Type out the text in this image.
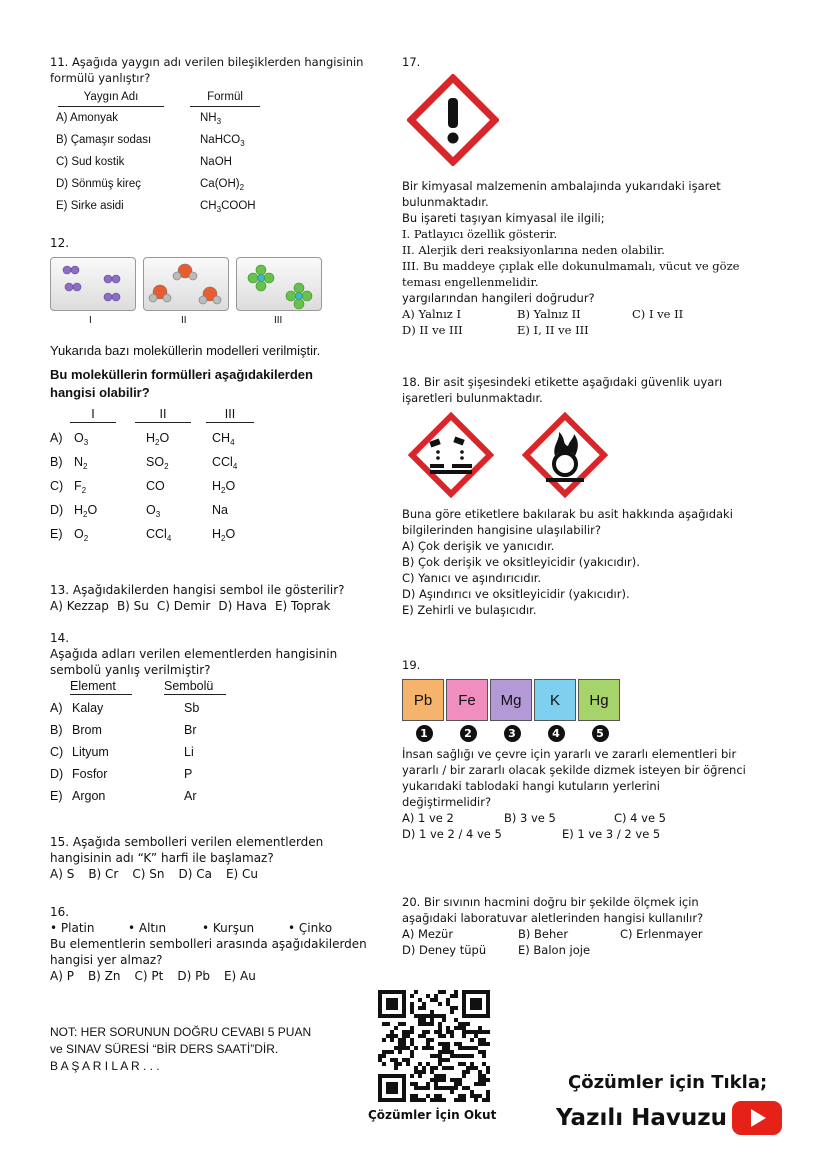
11. Aşağıda yaygın adı verilen bileşiklerden hangisinin formülü yanlıştır?
	Yaygın Adı		Formül
A) Amonyak	$NH_3$
B) Çamaşır sodası	NaHCO$_3$
C) Sud kostik	NaOH
D) Sönmüş kireç	$Ca(OH)_2$
E) Sirke asidi	$CH_3COOH$
12.
I	II	III
Yukarıda bazı moleküllerin modelleri verilmiştir.
Bu moleküllerin formülleri aşağıdakilerden hangisi olabilir?
I	II	III
A) $O_3$	$H_2O$	$CH_4$
B) $N_2$	$SO_2$	CCl$_4$
C) $F_2$	CO	$H_2O$
D) $H_2O$	$O_3$	Na
E) $O_2$	CCl$_4$	$H_2O$
13. Aşağıdakilerden hangisi sembol ile gösterilir?
A) Kezzap B) Su C) Demir D) Hava E) Toprak
14.
Aşağıda adları verilen elementlerden hangisinin sembolü yanlış verilmiştir?
Element	Sembolü
A) Kalay	Sb
B) Brom	Br
C) Lityum	Li
D) Fosfor	P
E) Argon	Ar
15. Aşağıda sembolleri verilen elementlerden hangisinin adı “K” harfi ile başlamaz?
A) S B) Cr C) Sn D) Ca E) Cu
16.
• Platin	• Altın	• Kurşun	• Çinko
Bu elementlerin sembolleri arasında aşağıdakilerden hangisi yer almaz?
A) P B) Zn C) Pt D) Pb E) Au
NOT: HER SORUNUN DOĞRU CEVABI 5 PUAN
ve SINAV SÜRESİ “BİR DERS SAATİ”DİR.
B A Ş A R I L A R . . .
17.
Bir kimyasal malzemenin ambalajında yukarıdaki işaret bulunmaktadır.
Bu işareti taşıyan kimyasal ile ilgili;
I. Patlayıcı özellik gösterir.
II. Alerjik deri reaksiyonlarına neden olabilir.
III. Bu maddeye çıplak elle dokunulmamalı, vücut ve göze teması engellenmelidir.
yargılarından hangileri doğrudur?
A) Yalnız I	B) Yalnız II	C) I ve II
D) II ve III	E) I, II ve III
18. Bir asit şişesindeki etikette aşağıdaki güvenlik uyarı işaretleri bulunmaktadır.
Buna göre etiketlere bakılarak bu asit hakkında aşağıdaki bilgilerinden hangisine ulaşılabilir?
A) Çok derişik ve yanıcıdır.
B) Çok derişik ve oksitleyicidir (yakıcıdır).
C) Yanıcı ve aşındırıcıdır.
D) Aşındırıcı ve oksitleyicidir (yakıcıdır).
E) Zehirli ve bulaşıcıdır.
19.
Pb Fe Mg K Hg
1	2	3	4	5
İnsan sağlığı ve çevre için yararlı ve zararlı elementleri bir yararlı / bir zararlı olacak şekilde dizmek isteyen bir öğrenci yukarıdaki tablodaki hangi kutuların yerlerini değiştirmelidir?
A) 1 ve 2	B) 3 ve 5	C) 4 ve 5
D) 1 ve 2 / 4 ve 5	E) 1 ve 3 / 2 ve 5
20. Bir sıvının hacmini doğru bir şekilde ölçmek için aşağıdaki laboratuvar aletlerinden hangisi kullanılır?
A) Mezür	B) Beher	C) Erlenmayer
D) Deney tüpü	E) Balon joje
Çözümler İçin Okut
Çözümler için Tıkla;
Yazılı Havuzu
